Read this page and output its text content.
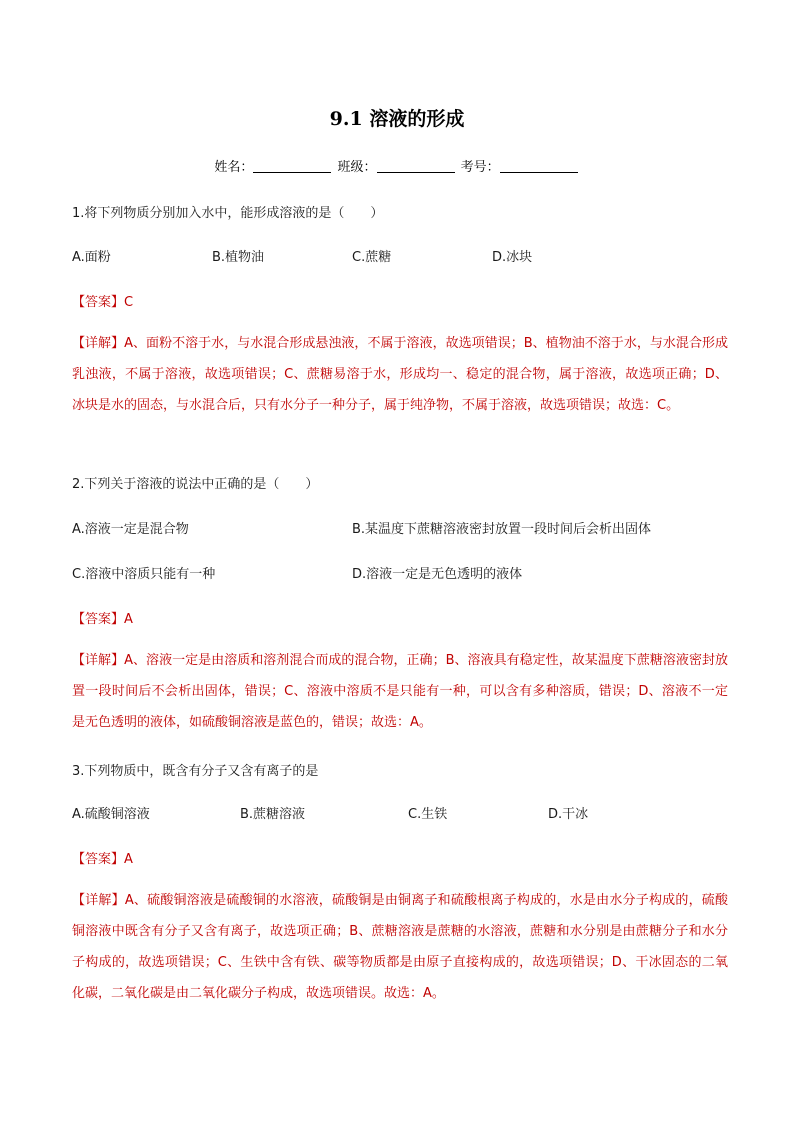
9.1 溶液的形成
姓名：	班级：	考号：
1.将下列物质分别加入水中，能形成溶液的是（　　）
A.面粉	B.植物油	C.蔗糖	D.冰块
【答案】C
【详解】A、面粉不溶于水，与水混合形成悬浊液，不属于溶液，故选项错误；B、植物油不溶于水，与水混合形成乳浊液，不属于溶液，故选项错误；C、蔗糖易溶于水，形成均一、稳定的混合物，属于溶液，故选项正确；D、冰块是水的固态，与水混合后，只有水分子一种分子，属于纯净物，不属于溶液，故选项错误；故选：C。
2.下列关于溶液的说法中正确的是（　　）
A.溶液一定是混合物	B.某温度下蔗糖溶液密封放置一段时间后会析出固体
C.溶液中溶质只能有一种	D.溶液一定是无色透明的液体
【答案】A
【详解】A、溶液一定是由溶质和溶剂混合而成的混合物，正确；B、溶液具有稳定性，故某温度下蔗糖溶液密封放置一段时间后不会析出固体，错误；C、溶液中溶质不是只能有一种，可以含有多种溶质，错误；D、溶液不一定是无色透明的液体，如硫酸铜溶液是蓝色的，错误；故选：A。
3.下列物质中，既含有分子又含有离子的是
A.硫酸铜溶液	B.蔗糖溶液	C.生铁	D.干冰
【答案】A
【详解】A、硫酸铜溶液是硫酸铜的水溶液，硫酸铜是由铜离子和硫酸根离子构成的，水是由水分子构成的，硫酸铜溶液中既含有分子又含有离子，故选项正确；B、蔗糖溶液是蔗糖的水溶液，蔗糖和水分别是由蔗糖分子和水分子构成的，故选项错误；C、生铁中含有铁、碳等物质都是由原子直接构成的，故选项错误；D、干冰固态的二氧化碳，二氧化碳是由二氧化碳分子构成，故选项错误。故选：A。
